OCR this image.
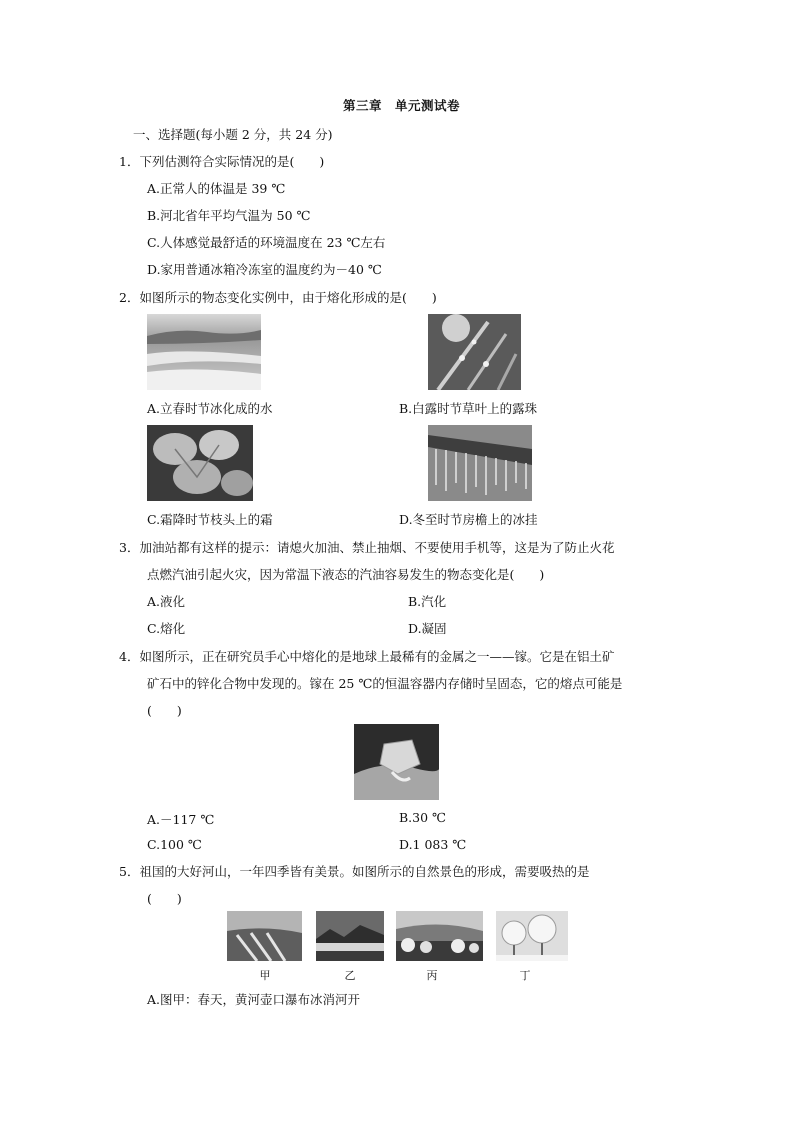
第三章　单元测试卷
一、选择题(每小题 2 分，共 24 分)
1．下列估测符合实际情况的是(　　)
A.正常人的体温是 39 ℃
B.河北省年平均气温为 50 ℃
C.人体感觉最舒适的环境温度在 23 ℃左右
D.家用普通冰箱冷冻室的温度约为－40 ℃
2．如图所示的物态变化实例中，由于熔化形成的是(　　)
A.立春时节冰化成的水	B.白露时节草叶上的露珠
C.霜降时节枝头上的霜	D.冬至时节房檐上的冰挂
3．加油站都有这样的提示：请熄火加油、禁止抽烟、不要使用手机等，这是为了防止火花
点燃汽油引起火灾，因为常温下液态的汽油容易发生的物态变化是(　　)
A.液化	B.汽化
C.熔化	D.凝固
4．如图所示，正在研究员手心中熔化的是地球上最稀有的金属之一——镓。它是在铝土矿
矿石中的锌化合物中发现的。镓在 25 ℃的恒温容器内存储时呈固态，它的熔点可能是
(　　)
A.－117 ℃	B.30 ℃
C.100 ℃	D.1 083 ℃
5．祖国的大好河山，一年四季皆有美景。如图所示的自然景色的形成，需要吸热的是
(　　)
甲	乙	丙	丁
A.图甲：春天，黄河壶口瀑布冰消河开
